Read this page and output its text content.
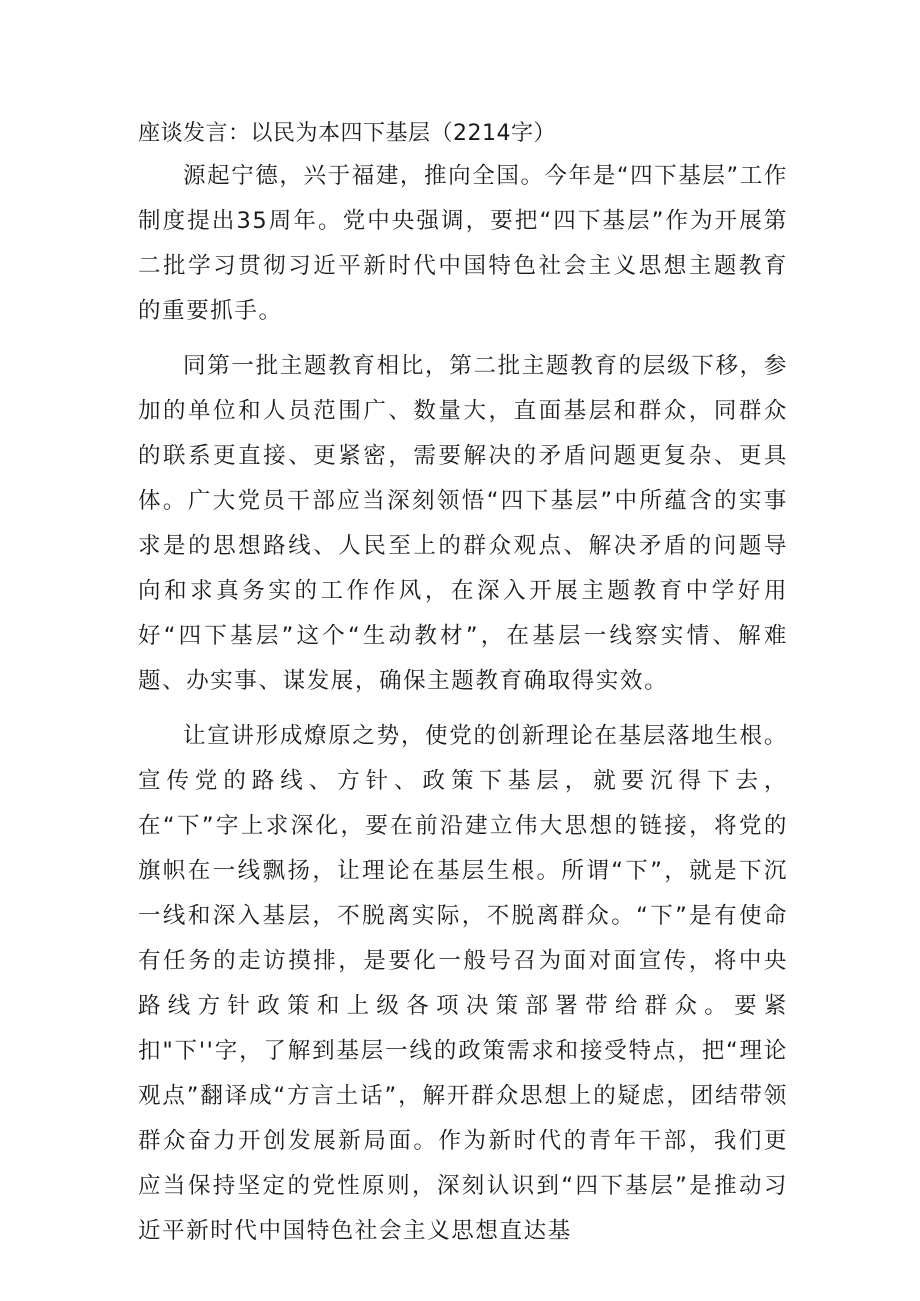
座谈发言：以民为本四下基层（2214字）

源起宁德，兴于福建，推向全国。今年是“四下基层”工作制度提出35周年。党中央强调，要把“四下基层”作为开展第二批学习贯彻习近平新时代中国特色社会主义思想主题教育的重要抓手。

同第一批主题教育相比，第二批主题教育的层级下移，参加的单位和人员范围广、数量大，直面基层和群众，同群众的联系更直接、更紧密，需要解决的矛盾问题更复杂、更具体。广大党员干部应当深刻领悟“四下基层”中所蕴含的实事求是的思想路线、人民至上的群众观点、解决矛盾的问题导向和求真务实的工作作风，在深入开展主题教育中学好用好“四下基层”这个“生动教材”，在基层一线察实情、解难题、办实事、谋发展，确保主题教育确取得实效。

让宣讲形成燎原之势，使党的创新理论在基层落地生根。宣传党的路线、方针、政策下基层，就要沉得下去，在“下”字上求深化，要在前沿建立伟大思想的链接，将党的旗帜在一线飘扬，让理论在基层生根。所谓“下”，就是下沉一线和深入基层，不脱离实际，不脱离群众。“下”是有使命有任务的走访摸排，是要化一般号召为面对面宣传，将中央路线方针政策和上级各项决策部署带给群众。要紧扣"下''字，了解到基层一线的政策需求和接受特点，把“理论观点”翻译成“方言土话”，解开群众思想上的疑虑，团结带领群众奋力开创发展新局面。作为新时代的青年干部，我们更应当保持坚定的党性原则，深刻认识到“四下基层”是推动习近平新时代中国特色社会主义思想直达基
